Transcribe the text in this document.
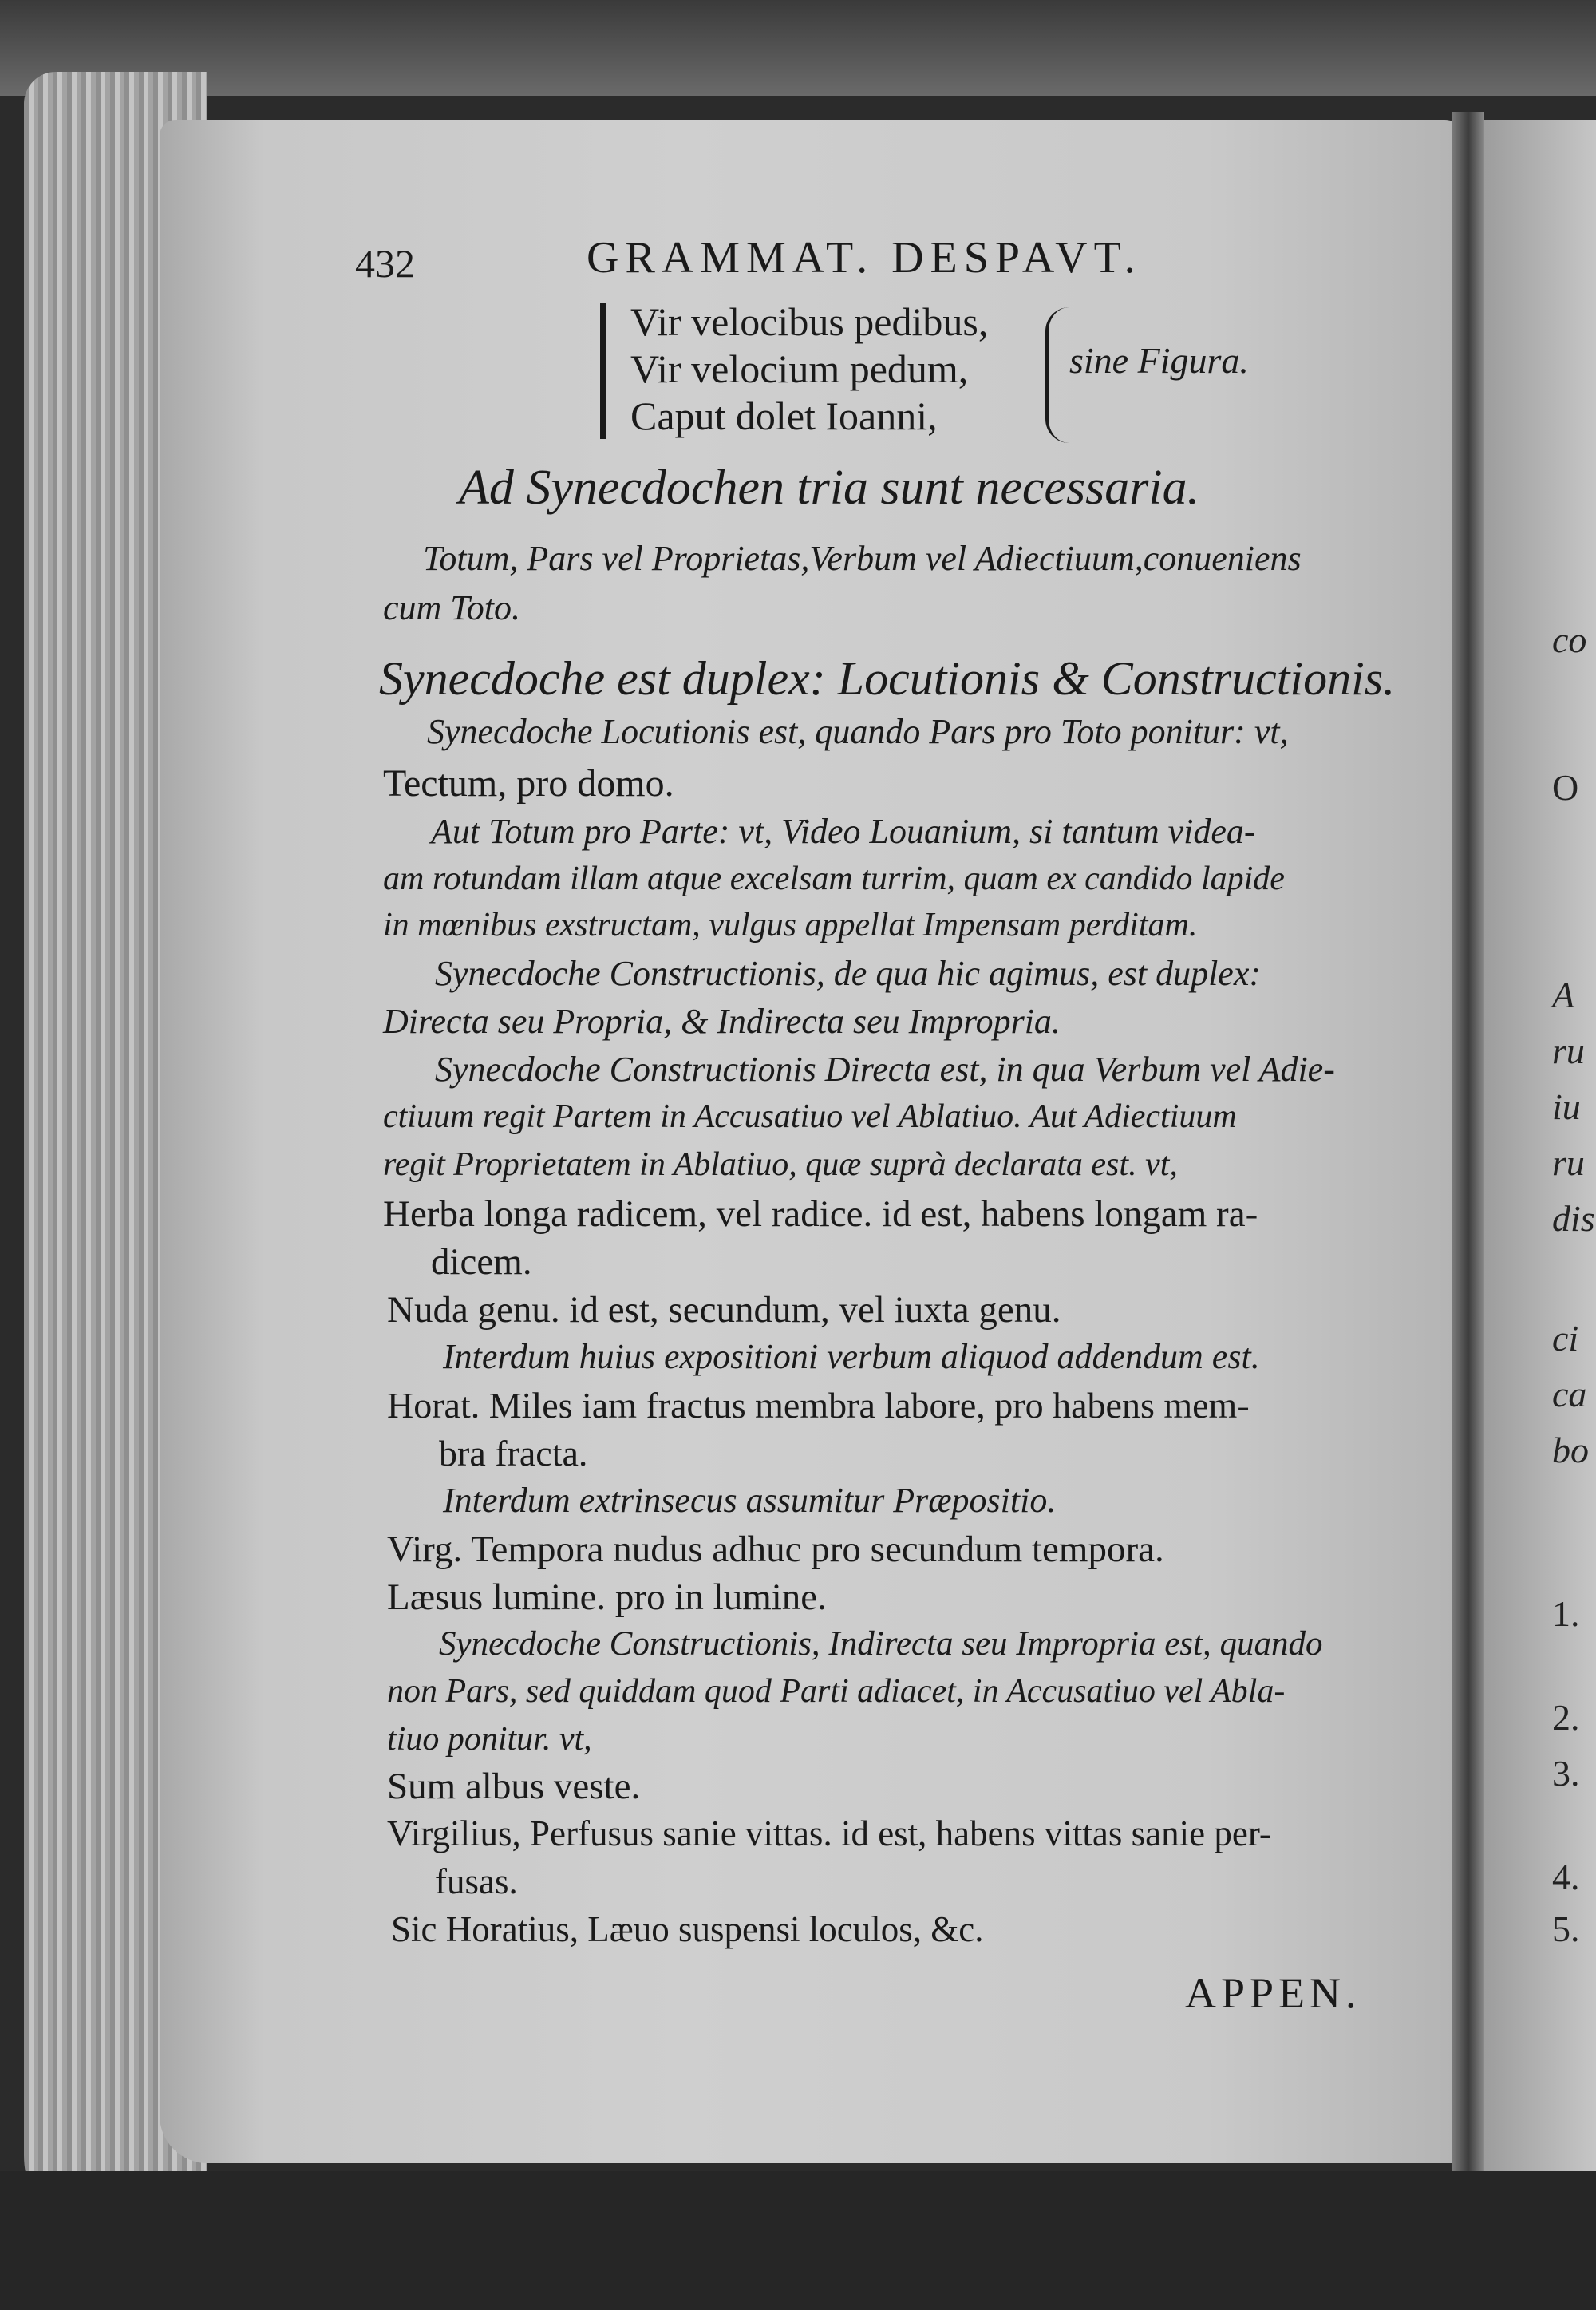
432	GRAMMAT. DESPAVT.
Vir velocibus pedibus,
Vir velocium pedum,
Caput dolet Ioanni,
sine Figura.
Ad Synecdochen tria sunt necessaria.
Totum, Pars vel Proprietas,Verbum vel Adiectiuum,conueniens
cum Toto.
Synecdoche est duplex: Locutionis & Constructionis.
Synecdoche Locutionis est, quando Pars pro Toto ponitur: vt,
Tectum, pro domo.
Aut Totum pro Parte: vt, Video Louanium, si tantum videa-
am rotundam illam atque excelsam turrim, quam ex candido lapide
in mœnibus exstructam, vulgus appellat Impensam perditam.
Synecdoche Constructionis, de qua hic agimus, est duplex:
Directa seu Propria, & Indirecta seu Impropria.
Synecdoche Constructionis Directa est, in qua Verbum vel Adie-
ctiuum regit Partem in Accusatiuo vel Ablatiuo. Aut Adiectiuum
regit Proprietatem in Ablatiuo, quæ suprà declarata est. vt,
Herba longa radicem, vel radice. id est, habens longam ra-
dicem.
Nuda genu. id est, secundum, vel iuxta genu.
Interdum huius expositioni verbum aliquod addendum est.
Horat. Miles iam fractus membra labore, pro habens mem-
bra fracta.
Interdum extrinsecus assumitur Præpositio.
Virg. Tempora nudus adhuc pro secundum tempora.
Læsus lumine. pro in lumine.
Synecdoche Constructionis, Indirecta seu Impropria est, quando
non Pars, sed quiddam quod Parti adiacet, in Accusatiuo vel Abla-
tiuo ponitur. vt,
Sum albus veste.
Virgilius, Perfusus sanie vittas. id est, habens vittas sanie per-
fusas.
Sic Horatius, Læuo suspensi loculos, &c.
APPEN.
co
O
A
ru
iu
ru
dis
ci
ca
bo
1.
2.
3.
4.
5.
